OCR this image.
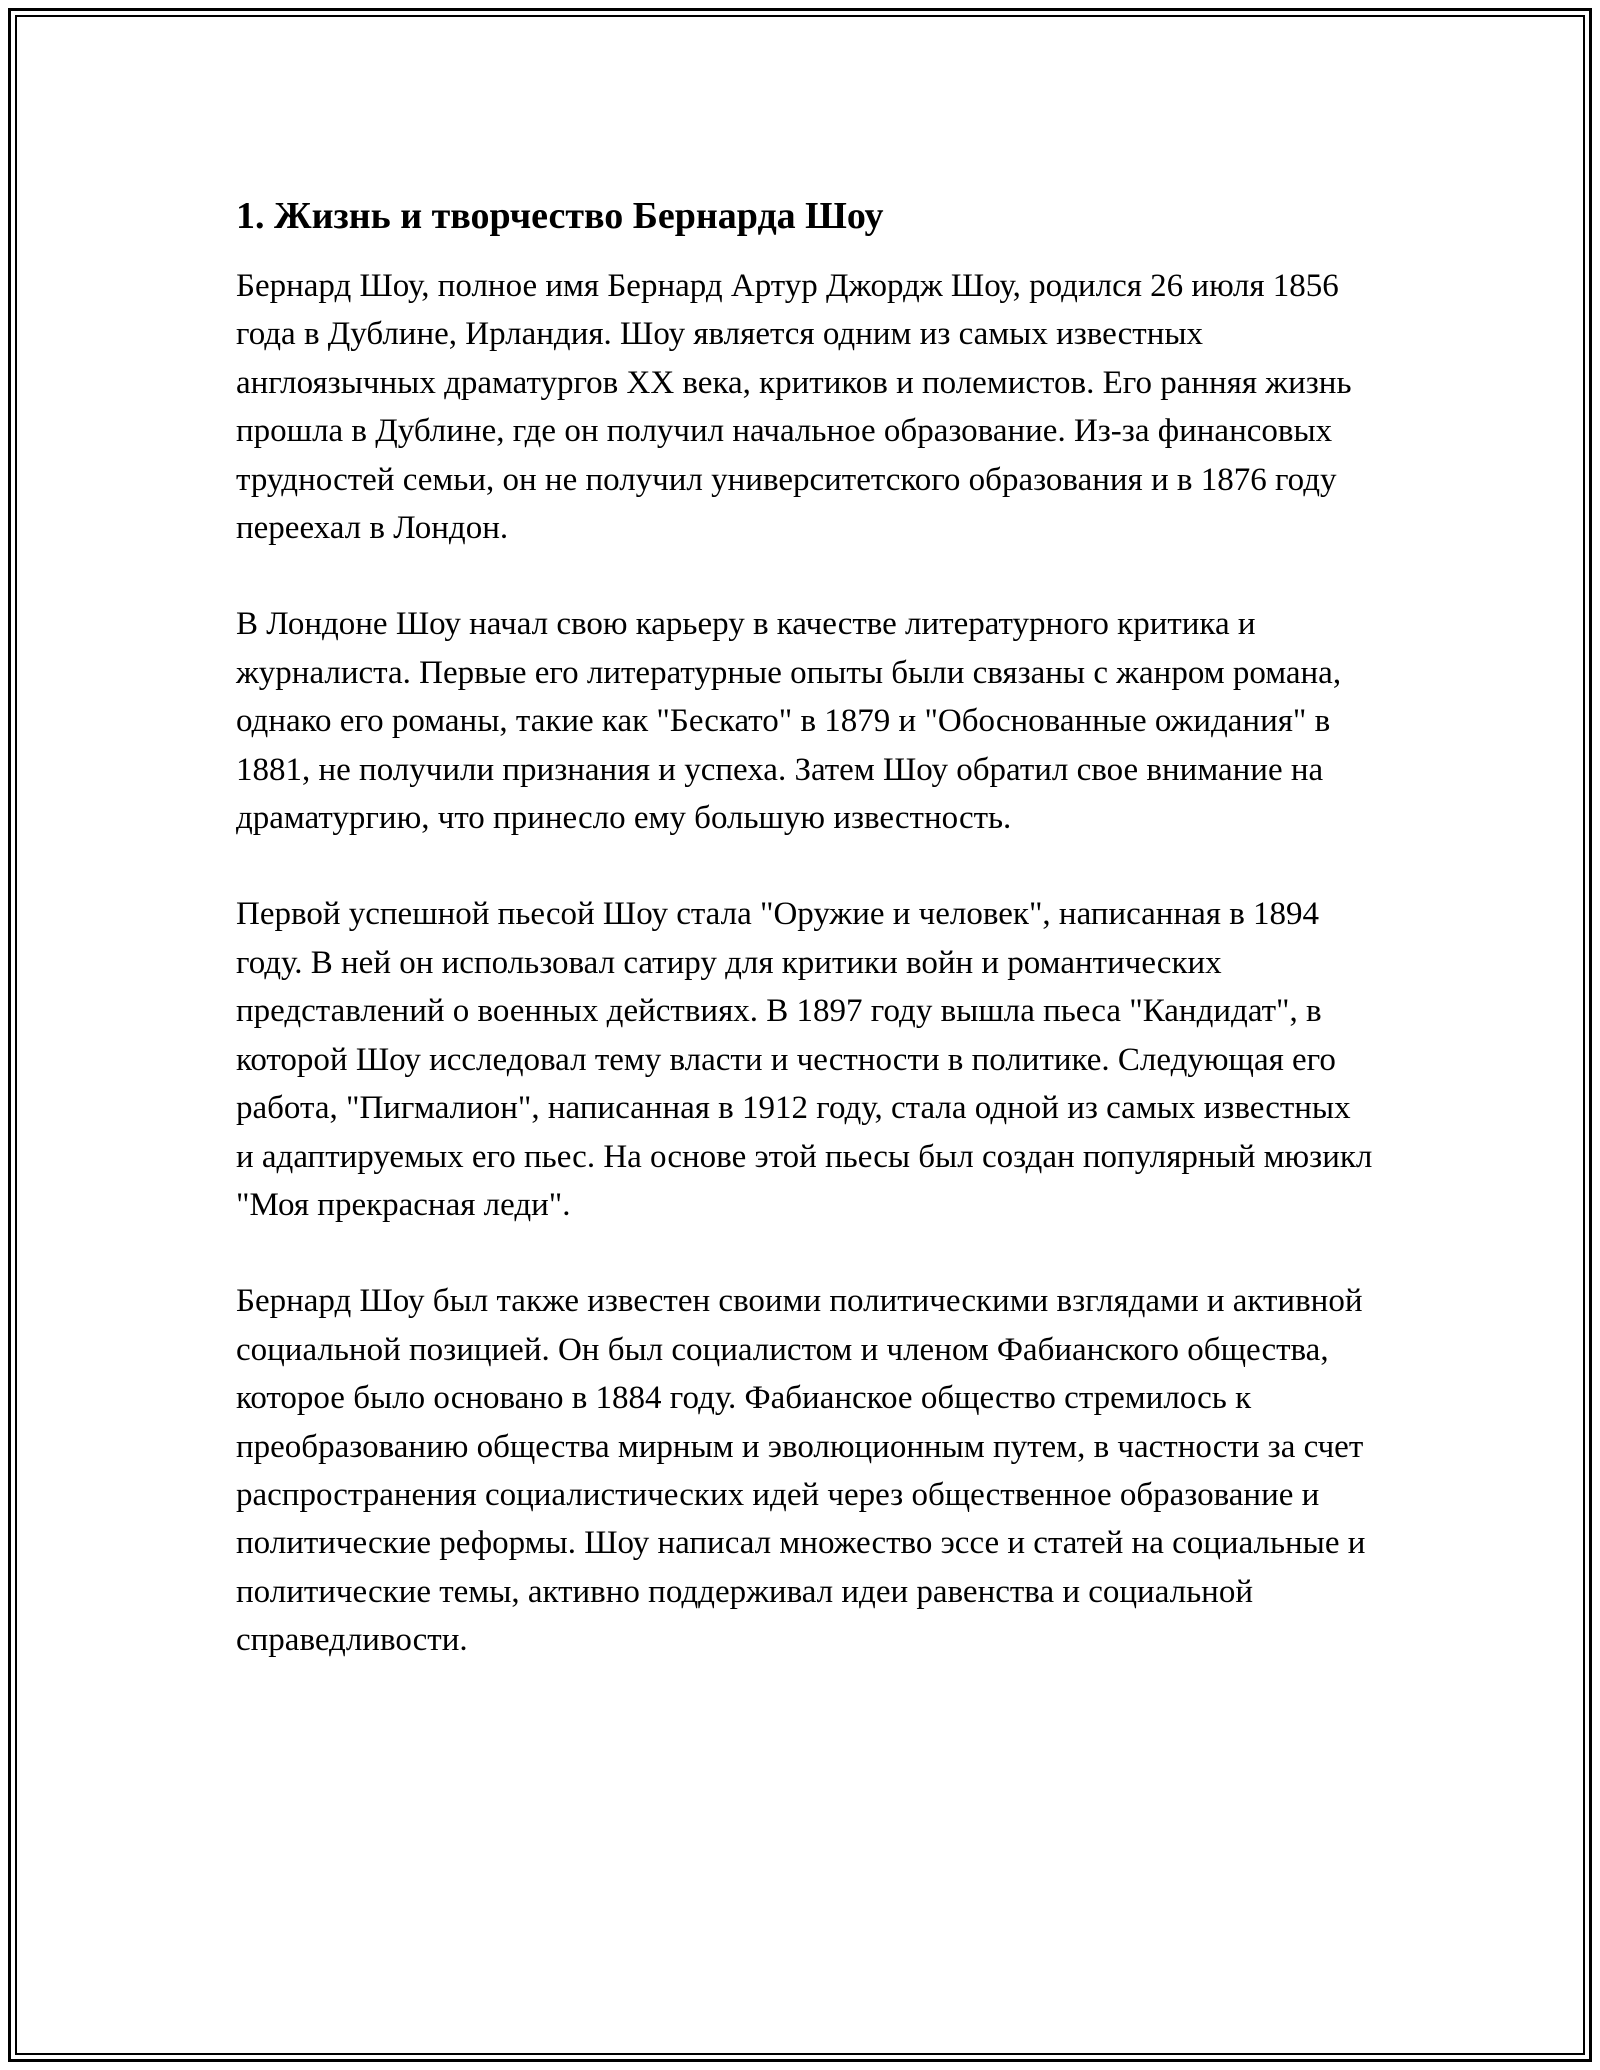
1. Жизнь и творчество Бернарда Шоу

Бернард Шоу, полное имя Бернард Артур Джордж Шоу, родился 26 июля 1856 года в Дублине, Ирландия. Шоу является одним из самых известных англоязычных драматургов XX века, критиков и полемистов. Его ранняя жизнь прошла в Дублине, где он получил начальное образование. Из-за финансовых трудностей семьи, он не получил университетского образования и в 1876 году переехал в Лондон.

В Лондоне Шоу начал свою карьеру в качестве литературного критика и журналиста. Первые его литературные опыты были связаны с жанром романа, однако его романы, такие как "Бескато" в 1879 и "Обоснованные ожидания" в 1881, не получили признания и успеха. Затем Шоу обратил свое внимание на драматургию, что принесло ему большую известность.

Первой успешной пьесой Шоу стала "Оружие и человек", написанная в 1894 году. В ней он использовал сатиру для критики войн и романтических представлений о военных действиях. В 1897 году вышла пьеса "Кандидат", в которой Шоу исследовал тему власти и честности в политике. Следующая его работа, "Пигмалион", написанная в 1912 году, стала одной из самых известных и адаптируемых его пьес. На основе этой пьесы был создан популярный мюзикл "Моя прекрасная леди".

Бернард Шоу был также известен своими политическими взглядами и активной социальной позицией. Он был социалистом и членом Фабианского общества, которое было основано в 1884 году. Фабианское общество стремилось к преобразованию общества мирным и эволюционным путем, в частности за счет распространения социалистических идей через общественное образование и политические реформы. Шоу написал множество эссе и статей на социальные и политические темы, активно поддерживал идеи равенства и социальной справедливости.
